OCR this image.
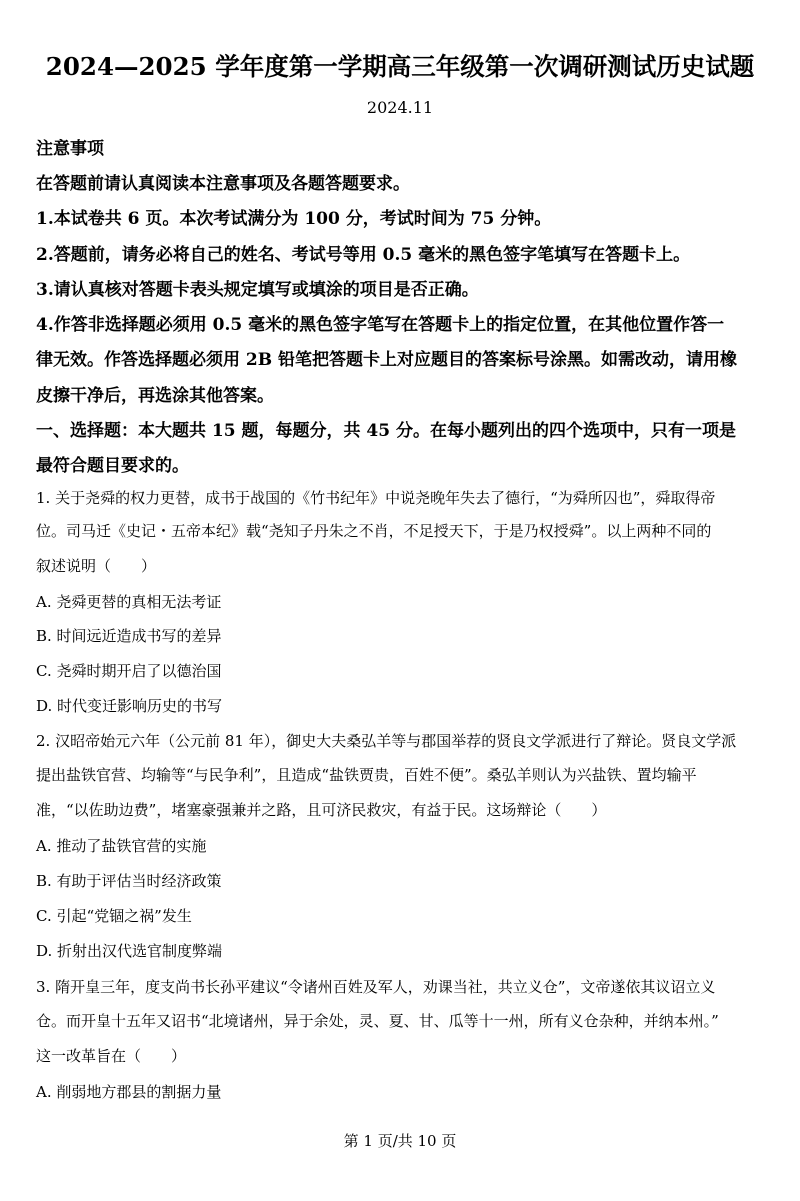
2024—2025 学年度第一学期高三年级第一次调研测试历史试题
2024.11
注意事项
在答题前请认真阅读本注意事项及各题答题要求。
1.本试卷共 6 页。本次考试满分为 100 分，考试时间为 75 分钟。
2.答题前，请务必将自己的姓名、考试号等用 0.5 毫米的黑色签字笔填写在答题卡上。
3.请认真核对答题卡表头规定填写或填涂的项目是否正确。
4.作答非选择题必须用 0.5 毫米的黑色签字笔写在答题卡上的指定位置，在其他位置作答一
律无效。作答选择题必须用 2B 铅笔把答题卡上对应题目的答案标号涂黑。如需改动，请用橡
皮擦干净后，再选涂其他答案。
一、选择题：本大题共 15 题，每题分，共 45 分。在每小题列出的四个选项中，只有一项是
最符合题目要求的。
1. 关于尧舜的权力更替，成书于战国的《竹书纪年》中说尧晚年失去了德行，“为舜所囚也”，舜取得帝
位。司马迁《史记・五帝本纪》载“尧知子丹朱之不肖，不足授天下，于是乃权授舜”。以上两种不同的
叙述说明（　　）
A. 尧舜更替的真相无法考证
B. 时间远近造成书写的差异
C. 尧舜时期开启了以德治国
D. 时代变迁影响历史的书写
2. 汉昭帝始元六年（公元前 81 年），御史大夫桑弘羊等与郡国举荐的贤良文学派进行了辩论。贤良文学派
提出盐铁官营、均输等“与民争利”，且造成“盐铁贾贵，百姓不便”。桑弘羊则认为兴盐铁、置均输平
准，“以佐助边费”，堵塞豪强兼并之路，且可济民救灾，有益于民。这场辩论（　　）
A. 推动了盐铁官营的实施
B. 有助于评估当时经济政策
C. 引起“党锢之祸”发生
D. 折射出汉代选官制度弊端
3. 隋开皇三年，度支尚书长孙平建议“令诸州百姓及军人，劝课当社，共立义仓”，文帝遂依其议诏立义
仓。而开皇十五年又诏书“北境诸州，异于余处，灵、夏、甘、瓜等十一州，所有义仓杂种，并纳本州。”
这一改革旨在（　　）
A. 削弱地方郡县的割据力量
第 1 页/共 10 页
